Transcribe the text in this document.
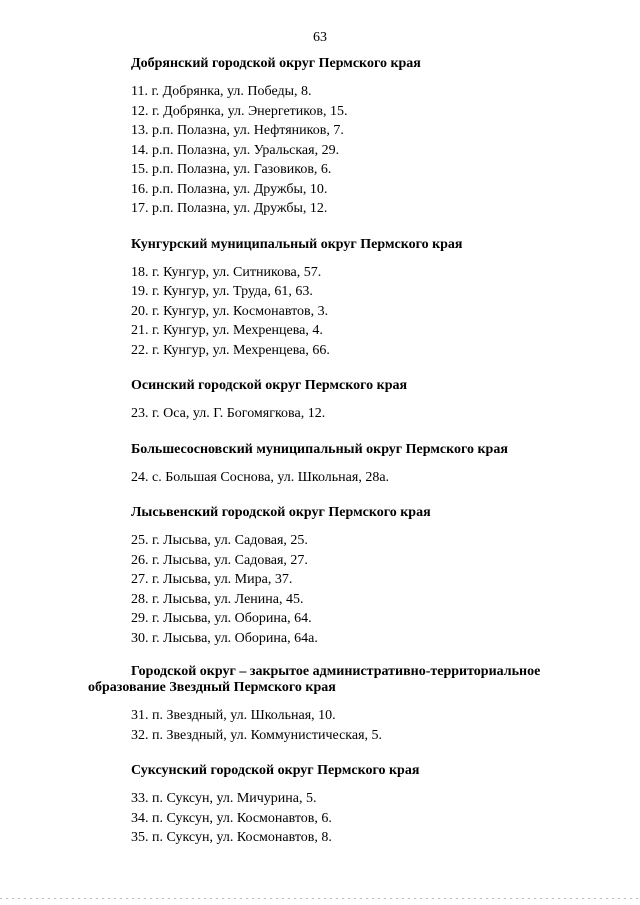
63
Добрянский городской округ Пермского края
11. г. Добрянка, ул. Победы, 8.
12. г. Добрянка, ул. Энергетиков, 15.
13. р.п. Полазна, ул. Нефтяников, 7.
14. р.п. Полазна, ул. Уральская, 29.
15. р.п. Полазна, ул. Газовиков, 6.
16. р.п. Полазна, ул. Дружбы, 10.
17. р.п. Полазна, ул. Дружбы, 12.
Кунгурский муниципальный округ Пермского края
18. г. Кунгур, ул. Ситникова, 57.
19. г. Кунгур, ул. Труда, 61, 63.
20. г. Кунгур, ул. Космонавтов, 3.
21. г. Кунгур, ул. Мехренцева, 4.
22. г. Кунгур, ул. Мехренцева, 66.
Осинский городской округ Пермского края
23. г. Оса, ул. Г. Богомягкова, 12.
Большесосновский муниципальный округ Пермского края
24. с. Большая Соснова, ул. Школьная, 28а.
Лысьвенский городской округ Пермского края
25. г. Лысьва, ул. Садовая, 25.
26. г. Лысьва, ул. Садовая, 27.
27. г. Лысьва, ул. Мира, 37.
28. г. Лысьва, ул. Ленина, 45.
29. г. Лысьва, ул. Оборина, 64.
30. г. Лысьва, ул. Оборина, 64а.
Городской округ – закрытое административно-территориальное
образование Звездный Пермского края
31. п. Звездный, ул. Школьная, 10.
32. п. Звездный, ул. Коммунистическая, 5.
Суксунский городской округ Пермского края
33. п. Суксун, ул. Мичурина, 5.
34. п. Суксун, ул. Космонавтов, 6.
35. п. Суксун, ул. Космонавтов, 8.
